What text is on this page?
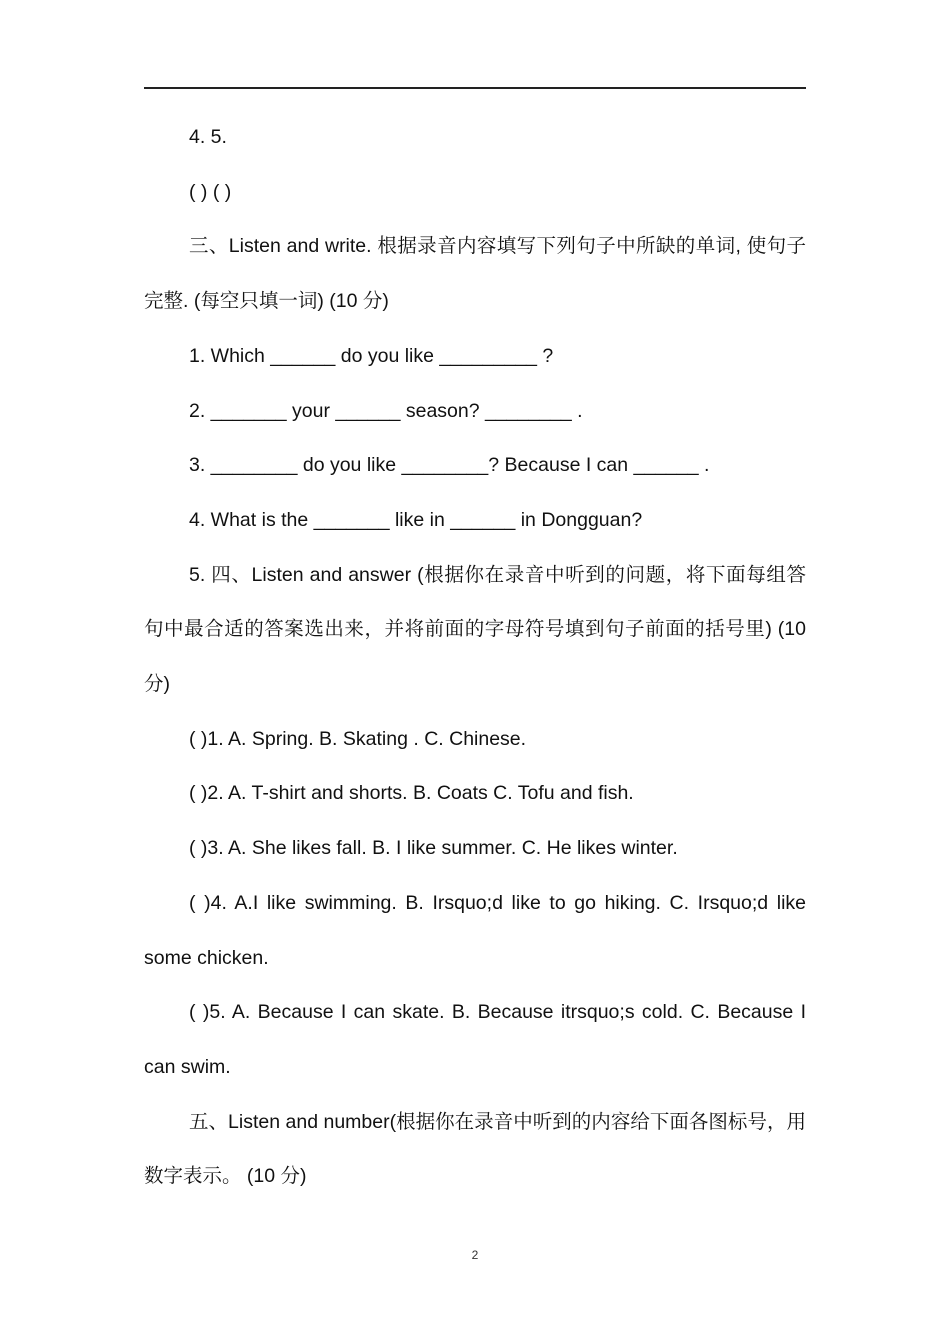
4. 5.

( ) ( )

三、Listen and write. 根据录音内容填写下列句子中所缺的单词, 使句子完整. (每空只填一词) (10 分)

1. Which ______ do you like _________ ?

2. _______ your ______ season? ________ .

3. ________ do you like ________? Because I can ______ .

4. What is the _______ like in ______ in Dongguan?

5. 四、Listen and answer (根据你在录音中听到的问题，将下面每组答句中最合适的答案选出来，并将前面的字母符号填到句子前面的括号里) (10 分)

( )1. A. Spring. B. Skating . C. Chinese.

( )2. A. T-shirt and shorts. B. Coats C. Tofu and fish.

( )3. A. She likes fall. B. I like summer. C. He likes winter.

( )4. A.I like swimming. B. Irsquo;d like to go hiking. C. Irsquo;d like some chicken.

( )5. A. Because I can skate. B. Because itrsquo;s cold. C. Because I can swim.

五、Listen and number(根据你在录音中听到的内容给下面各图标号，用数字表示。 (10 分)

2
